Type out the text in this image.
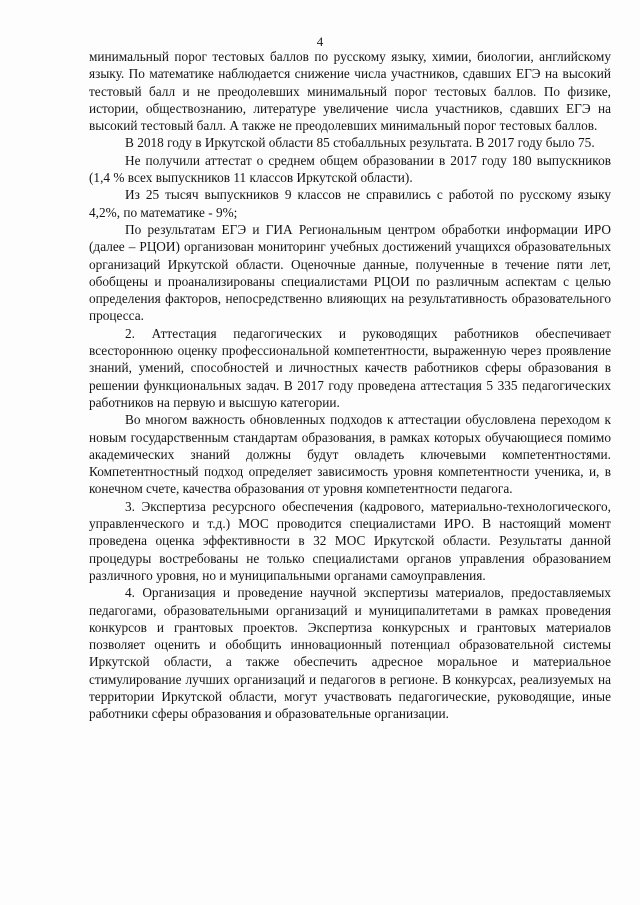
4

минимальный порог тестовых баллов по русскому языку, химии, биологии, английскому языку. По математике наблюдается снижение числа участников, сдавших ЕГЭ на высокий тестовый балл и не преодолевших минимальный порог тестовых баллов. По физике, истории, обществознанию, литературе увеличение числа участников, сдавших ЕГЭ на высокий тестовый балл. А также не преодолевших минимальный порог тестовых баллов.

В 2018 году в Иркутской области 85 стобалльных результата. В 2017 году было 75.

Не получили аттестат о среднем общем образовании в 2017 году 180 выпускников (1,4 % всех выпускников 11 классов Иркутской области).

Из 25 тысяч выпускников 9 классов не справились с работой по русскому языку 4,2%, по математике - 9%;

По результатам ЕГЭ и ГИА Региональным центром обработки информации ИРО (далее – РЦОИ) организован мониторинг учебных достижений учащихся образовательных организаций Иркутской области. Оценочные данные, полученные в течение пяти лет, обобщены и проанализированы специалистами РЦОИ по различным аспектам с целью определения факторов, непосредственно влияющих на результативность образовательного процесса.

2. Аттестация педагогических и руководящих работников обеспечивает всестороннюю оценку профессиональной компетентности, выраженную через проявление знаний, умений, способностей и личностных качеств работников сферы образования в решении функциональных задач. В 2017 году проведена аттестация 5 335 педагогических работников на первую и высшую категории.

Во многом важность обновленных подходов к аттестации обусловлена переходом к новым государственным стандартам образования, в рамках которых обучающиеся помимо академических знаний должны будут овладеть ключевыми компетентностями. Компетентностный подход определяет зависимость уровня компетентности ученика, и, в конечном счете, качества образования от уровня компетентности педагога.

3. Экспертиза ресурсного обеспечения (кадрового, материально-технологического, управленческого и т.д.) МОС проводится специалистами ИРО. В настоящий момент проведена оценка эффективности в 32 МОС Иркутской области. Результаты данной процедуры востребованы не только специалистами органов управления образованием различного уровня, но и муниципальными органами самоуправления.

4. Организация и проведение научной экспертизы материалов, предоставляемых педагогами, образовательными организаций и муниципалитетами в рамках проведения конкурсов и грантовых проектов. Экспертиза конкурсных и грантовых материалов позволяет оценить и обобщить инновационный потенциал образовательной системы Иркутской области, а также обеспечить адресное моральное и материальное стимулирование лучших организаций и педагогов в регионе. В конкурсах, реализуемых на территории Иркутской области, могут участвовать педагогические, руководящие, иные работники сферы образования и образовательные организации.
